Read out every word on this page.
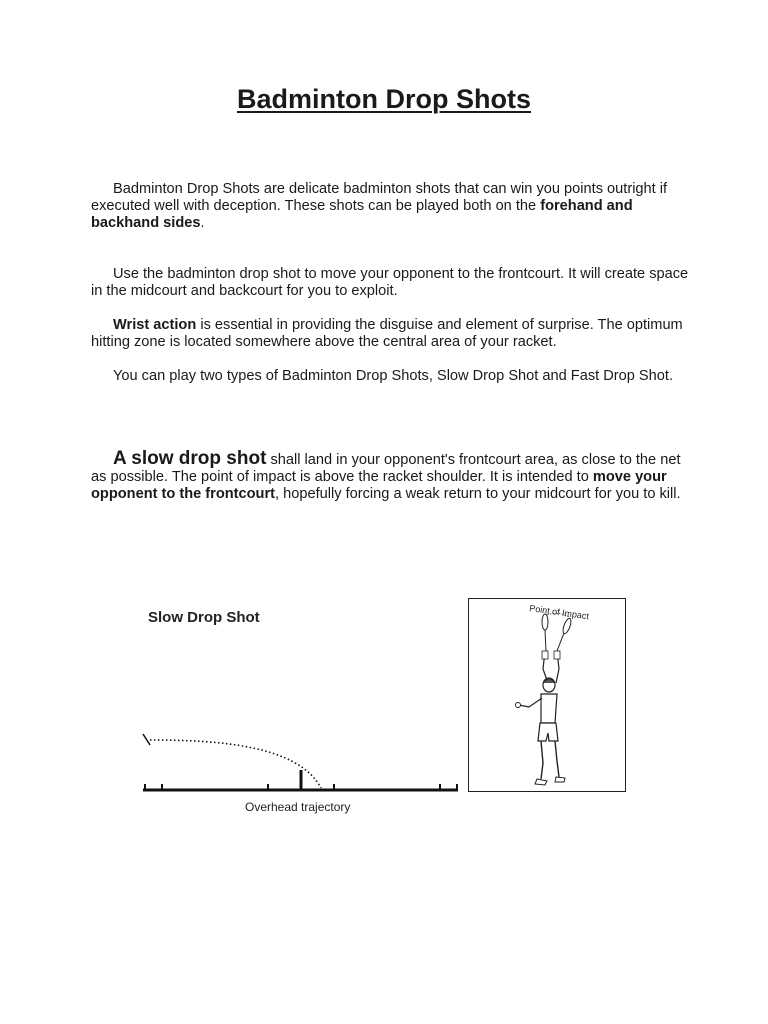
Badminton Drop Shots

Badminton Drop Shots are delicate badminton shots that can win you points outright if executed well with deception. These shots can be played both on the forehand and backhand sides.

Use the badminton drop shot to move your opponent to the frontcourt. It will create space in the midcourt and backcourt for you to exploit.

Wrist action is essential in providing the disguise and element of surprise. The optimum hitting zone is located somewhere above the central area of your racket.

You can play two types of Badminton Drop Shots, Slow Drop Shot and Fast Drop Shot.

A slow drop shot shall land in your opponent's frontcourt area, as close to the net as possible. The point of impact is above the racket shoulder. It is intended to move your opponent to the frontcourt, hopefully forcing a weak return to your midcourt for you to kill.

Slow Drop Shot
Overhead trajectory
Point of Impact
